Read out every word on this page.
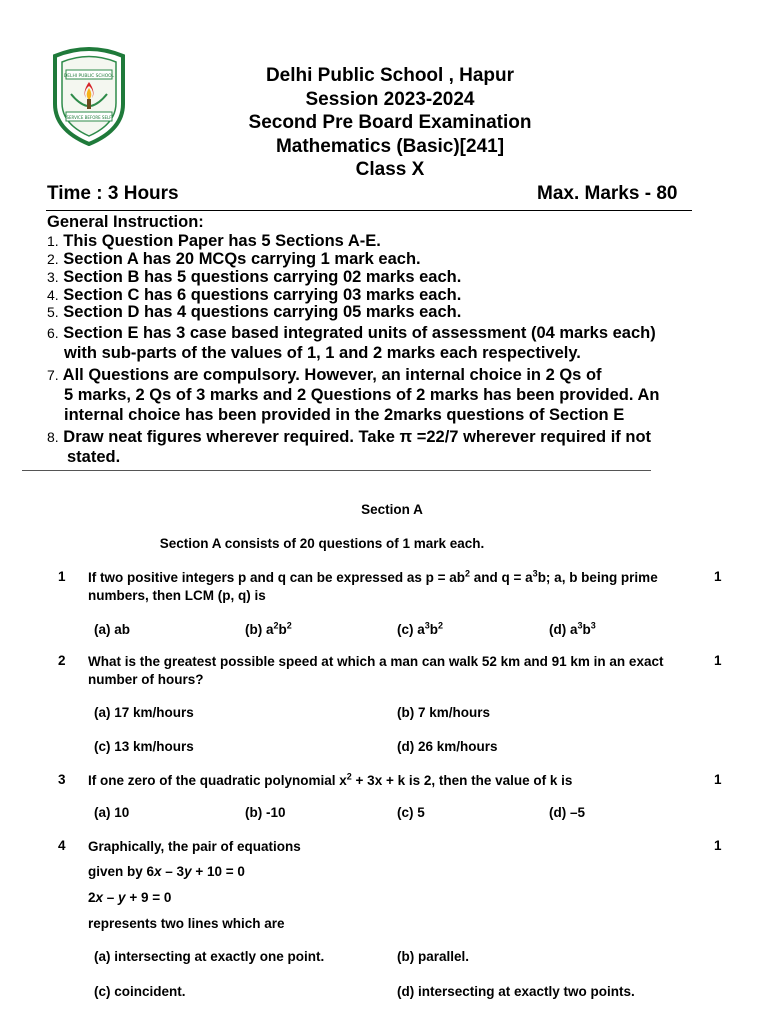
DELHI PUBLIC SCHOOL
SERVICE BEFORE SELF
Delhi Public School , Hapur
Session 2023-2024
Second Pre Board Examination
Mathematics (Basic)[241]
Class X
Time : 3 Hours	Max. Marks - 80
General Instruction:
1. This Question Paper has 5 Sections A-E.
2. Section A has 20 MCQs carrying 1 mark each.
3. Section B has 5 questions carrying 02 marks each.
4. Section C has 6 questions carrying 03 marks each.
5. Section D has 4 questions carrying 05 marks each.
6. Section E has 3 case based integrated units of assessment (04 marks each)
with sub-parts of the values of 1, 1 and 2 marks each respectively.
7. All Questions are compulsory. However, an internal choice in 2 Qs of
5 marks, 2 Qs of 3 marks and 2 Questions of 2 marks has been provided. An
internal choice has been provided in the 2marks questions of Section E
8. Draw neat figures wherever required. Take π =22/7 wherever required if not
stated.
Section A
Section A consists of 20 questions of 1 mark each.
1 If two positive integers p and q can be expressed as $p = ab^2$ and $q = a^3b$; a, b being prime numbers, then LCM (p, q) is
1
(a) ab	(b) $a^2b^2$	(c) $a^3b^2$	(d) $a^3b^3$
2 What is the greatest possible speed at which a man can walk 52 km and 91 km in an exact number of hours?
1
(a) 17 km/hours	(b) 7 km/hours
(c) 13 km/hours	(d) 26 km/hours
3 If one zero of the quadratic polynomial $x^2 + 3x + k$ is 2, then the value of k is	1
(a) 10	(b) -10	(c) 5	(d) –5
4 Graphically, the pair of equations	1
given by 6x – 3y + 10 = 0
2x – y + 9 = 0
represents two lines which are
(a) intersecting at exactly one point.	(b) parallel.
(c) coincident.	(d) intersecting at exactly two points.
